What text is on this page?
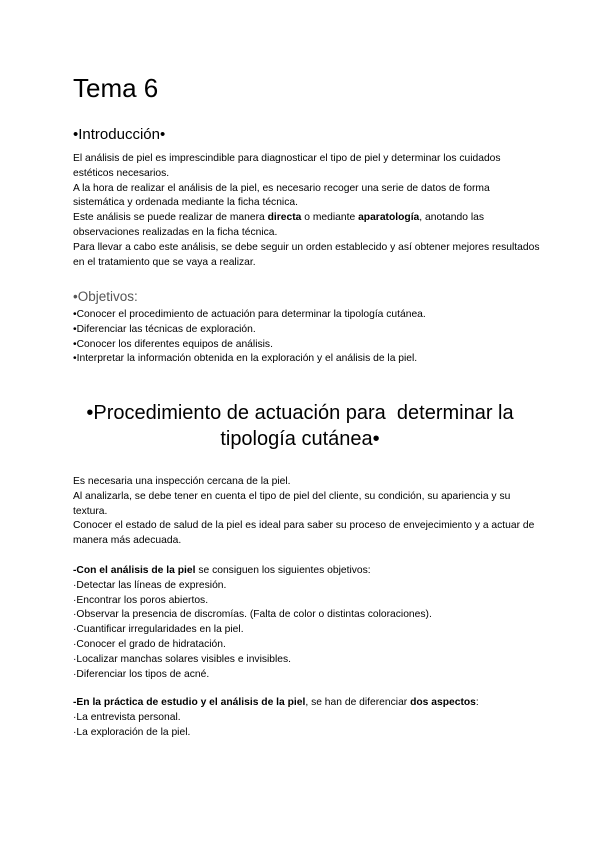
Tema 6
•Introducción•
El análisis de piel es imprescindible para diagnosticar el tipo de piel y determinar los cuidados estéticos necesarios.
A la hora de realizar el análisis de la piel, es necesario recoger una serie de datos de forma sistemática y ordenada mediante la ficha técnica.
Este análisis se puede realizar de manera directa o mediante aparatología, anotando las observaciones realizadas en la ficha técnica.
Para llevar a cabo este análisis, se debe seguir un orden establecido y así obtener mejores resultados en el tratamiento que se vaya a realizar.
•Objetivos:
•Conocer el procedimiento de actuación para determinar la tipología cutánea.
•Diferenciar las técnicas de exploración.
•Conocer los diferentes equipos de análisis.
•Interpretar la información obtenida en la exploración y el análisis de la piel.
•Procedimiento de actuación para  determinar la
tipología cutánea•
Es necesaria una inspección cercana de la piel.
Al analizarla, se debe tener en cuenta el tipo de piel del cliente, su condición, su apariencia y su textura.
Conocer el estado de salud de la piel es ideal para saber su proceso de envejecimiento y a actuar de manera más adecuada.
-Con el análisis de la piel se consiguen los siguientes objetivos:
·Detectar las líneas de expresión.
·Encontrar los poros abiertos.
·Observar la presencia de discromías. (Falta de color o distintas coloraciones).
·Cuantificar irregularidades en la piel.
·Conocer el grado de hidratación.
·Localizar manchas solares visibles e invisibles.
·Diferenciar los tipos de acné.
-En la práctica de estudio y el análisis de la piel, se han de diferenciar dos aspectos:
·La entrevista personal.
·La exploración de la piel.
